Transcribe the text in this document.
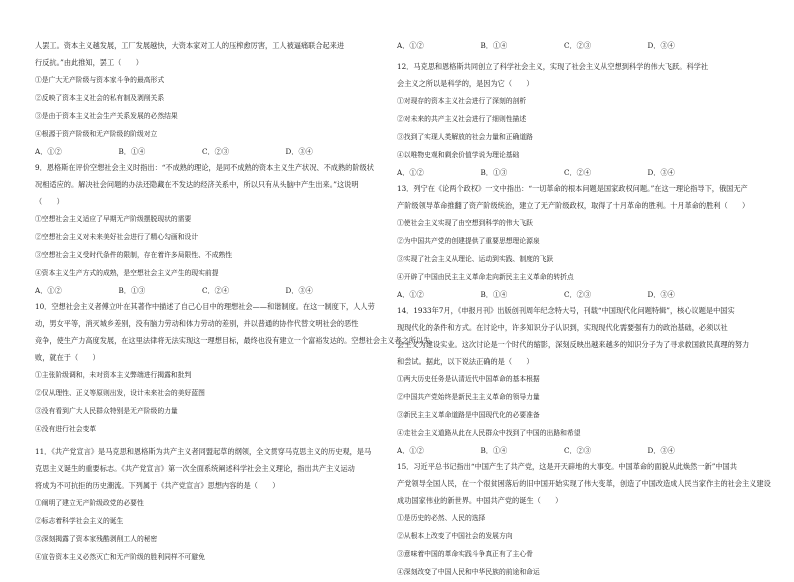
人罢工。资本主义越发展，工厂发展越快，大资本家对工人的压榨愈厉害，工人被逼痛联合起来进
行反抗。”由此推知，罢工（　　）
①是广大无产阶级与资本家斗争的最高形式
②反映了资本主义社会的私有制及剥削关系
③是由于资本主义社会生产关系发展的必然结果
④根源于资产阶级和无产阶级的阶级对立
A．①②	B．①④	C．②③	D．③④
9．恩格斯在评价空想社会主义时指出：“不成熟的理论，是同不成熟的资本主义生产状况、不成熟的阶级状
况相适应的。解决社会问题的办法还隐藏在不发达的经济关系中，所以只有从头脑中产生出来。”这说明
（　　）
①空想社会主义适应了早期无产阶级摆脱现状的需要
②空想社会主义对未来美好社会进行了精心勾画和设计
③空想社会主义受时代条件的限制，存在着许多局限性、不成熟性
④资本主义生产方式的成熟，是空想社会主义产生的现实前提
A．①②	B．①③	C．②④	D．③④
10．空想社会主义者傅立叶在其著作中描述了自己心目中的理想社会——和谐制度。在这一制度下，人人劳
动，男女平等，消灭城乡差别，没有脑力劳动和体力劳动的差别，并以普通的协作代替文明社会的恶性
竞争，使生产力高度发展，在这里法律将无法实现这一理想目标，最终也没有建立一个富裕发达的。空想社会主义者之所以失
败，就在于（　　）
①主张阶级调和，未对资本主义弊端进行揭露和批判
②仅从理性、正义等原则出发，设计未来社会的美好蓝图
③没有看到广大人民群众特别是无产阶级的力量
④没有进行社会变革
11．《共产党宣言》是马克思和恩格斯为共产主义者同盟起草的纲领，全文贯穿马克思主义的历史观，是马
克思主义诞生的重要标志。《共产党宣言》第一次全面系统阐述科学社会主义理论，指出共产主义运动
将成为不可抗拒的历史潮流。下列属于《共产党宣言》思想内容的是（　　）
①阐明了建立无产阶级政党的必要性
②标志着科学社会主义的诞生
③深刻揭露了资本家残酷剥削工人的秘密
④宣告资本主义必然灭亡和无产阶级的胜利同样不可避免
A．①②	B．①④	C．②③	D．③④
12．马克思和恩格斯共同创立了科学社会主义，实现了社会主义从空想到科学的伟大飞跃。科学社
会主义之所以是科学的，是因为它（　　）
①对现存的资本主义社会进行了深刻的剖析
②对未来的共产主义社会进行了细则性描述
③找到了实现人类解放的社会力量和正确道路
④以唯物史观和剩余价值学说为理论基础
A．①②	B．①③	C．②④	D．③④
13．列宁在《论两个政权》一文中指出：“一切革命的根本问题是国家政权问题。”在这一理论指导下，俄国无产
产阶级领导革命推翻了资产阶级统治，建立了无产阶级政权，取得了十月革命的胜利。十月革命的胜利（　　）
①使社会主义实现了由空想到科学的伟大飞跃
②为中国共产党的创建提供了重要思想理论源泉
③实现了社会主义从理论、运动到实践、制度的飞跃
④开辟了中国由民主主义革命走向新民主主义革命的转折点
A．①②	B．①④	C．②③	D．③④
14．1933年7月，《申报月刊》出版创刊周年纪念特大号，刊载“中国现代化问题特辑”，核心议题是中国实
现现代化的条件和方式。在讨论中，许多知识分子认识到，实现现代化需要强有力的政治基础，必须以社
会主义为建设实业。这次讨论是一个时代的缩影，深刻反映出越来越多的知识分子为了寻求救国救民真理的努力
和尝试。据此，以下说法正确的是（　　）
①两大历史任务是认清近代中国革命的基本根据
②中国共产党始终是新民主主义革命的领导力量
③新民主主义革命道路是中国现代化的必要准备
④走社会主义道路从此在人民群众中找到了中国的出路和希望
A．①②	B．①④	C．②③	D．③④
15．习近平总书记指出“中国产生了共产党，这是开天辟地的大事变。中国革命的面貌从此焕然一新”中国共
产党领导全国人民，在一个很贫困落后的旧中国开始实现了伟大变革，创造了中国改造成人民当家作主的社会主义建设
成功国家伟业的新世界。中国共产党的诞生（　　）
①是历史的必然、人民的选择
②从根本上改变了中国社会的发展方向
③意味着中国的革命实践斗争真正有了主心骨
④深刻改变了中国人民和中华民族的前途和命运
